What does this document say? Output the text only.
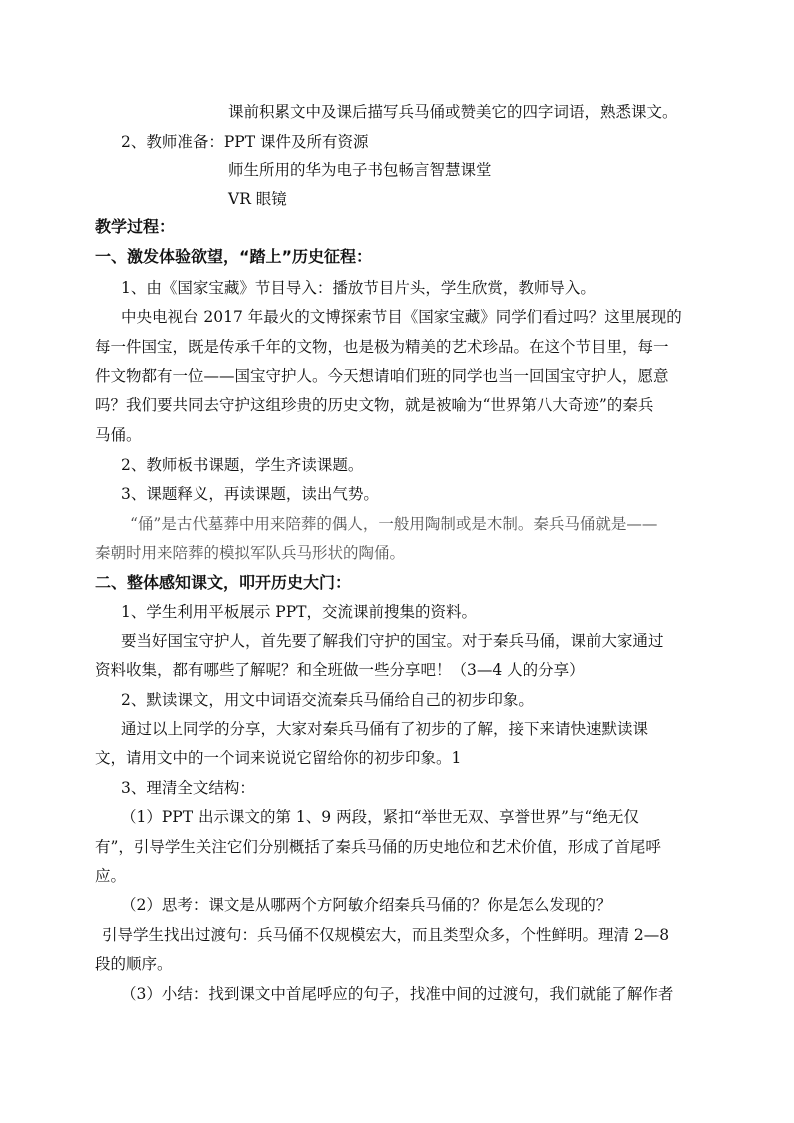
课前积累文中及课后描写兵马俑或赞美它的四字词语，熟悉课文。
2、教师准备：PPT 课件及所有资源
师生所用的华为电子书包畅言智慧课堂
VR 眼镜
教学过程：
一、激发体验欲望，“踏上”历史征程：
1、由《国家宝藏》节目导入：播放节目片头，学生欣赏，教师导入。
中央电视台 2017 年最火的文博探索节目《国家宝藏》同学们看过吗？这里展现的
每一件国宝，既是传承千年的文物，也是极为精美的艺术珍品。在这个节目里，每一
件文物都有一位——国宝守护人。今天想请咱们班的同学也当一回国宝守护人，愿意
吗？我们要共同去守护这组珍贵的历史文物，就是被喻为“世界第八大奇迹”的秦兵
马俑。
2、教师板书课题，学生齐读课题。
3、课题释义，再读课题，读出气势。
“俑”是古代墓葬中用来陪葬的偶人，一般用陶制或是木制。秦兵马俑就是——
秦朝时用来陪葬的模拟军队兵马形状的陶俑。
二、整体感知课文，叩开历史大门：
1、学生利用平板展示 PPT，交流课前搜集的资料。
要当好国宝守护人，首先要了解我们守护的国宝。对于秦兵马俑，课前大家通过
资料收集，都有哪些了解呢？和全班做一些分享吧！（3—4 人的分享）
2、默读课文，用文中词语交流秦兵马俑给自己的初步印象。
通过以上同学的分享，大家对秦兵马俑有了初步的了解，接下来请快速默读课
文，请用文中的一个词来说说它留给你的初步印象。1
3、理清全文结构：
（1）PPT 出示课文的第 1、9 两段，紧扣“举世无双、享誉世界”与“绝无仅
有”，引导学生关注它们分别概括了秦兵马俑的历史地位和艺术价值，形成了首尾呼
应。
（2）思考：课文是从哪两个方阿敏介绍秦兵马俑的？你是怎么发现的？
引导学生找出过渡句：兵马俑不仅规模宏大，而且类型众多，个性鲜明。理清 2—8
段的顺序。
（3）小结：找到课文中首尾呼应的句子，找准中间的过渡句，我们就能了解作者
